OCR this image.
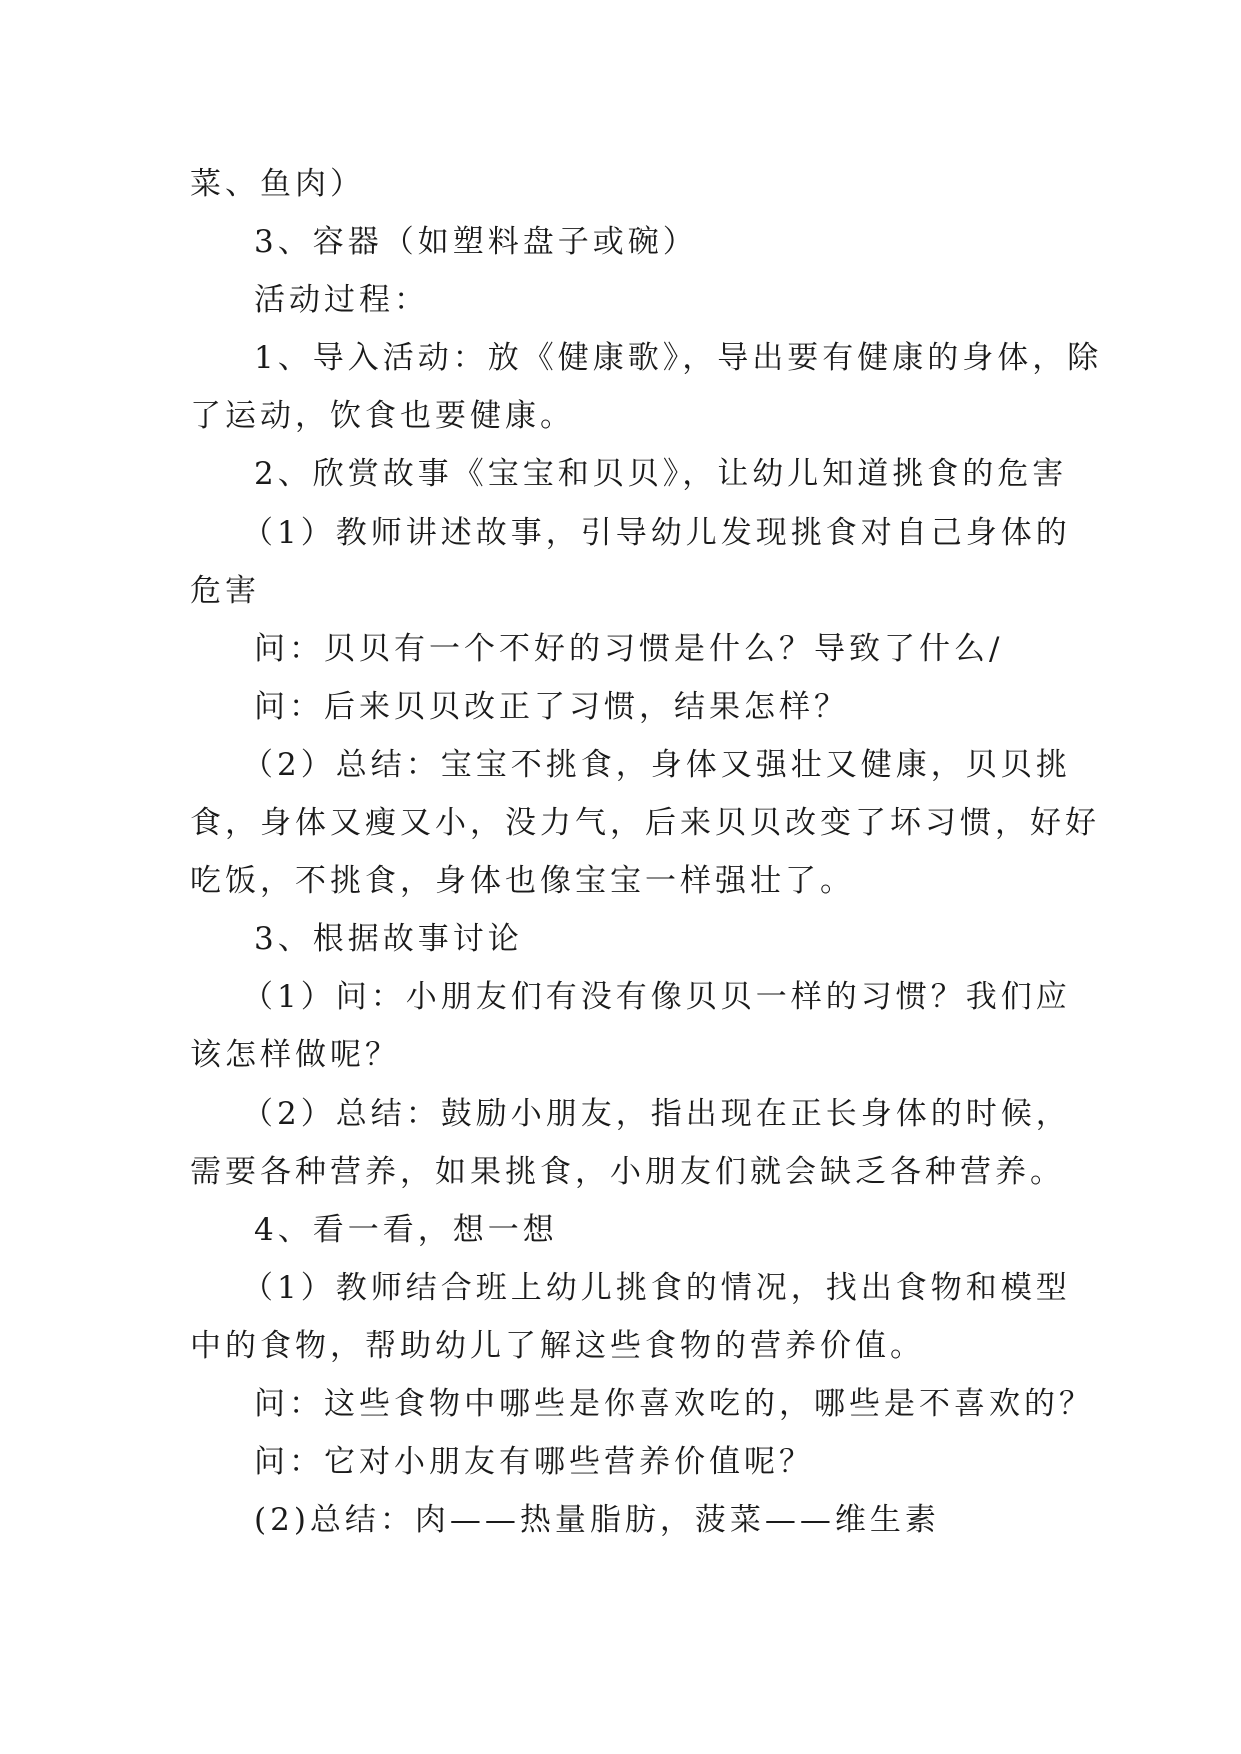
菜、鱼肉）

3、容器（如塑料盘子或碗）

活动过程：

1、导入活动：放《健康歌》，导出要有健康的身体，除

了运动，饮食也要健康。

2、欣赏故事《宝宝和贝贝》，让幼儿知道挑食的危害

（1）教师讲述故事，引导幼儿发现挑食对自己身体的

危害

问：贝贝有一个不好的习惯是什么？导致了什么/

问：后来贝贝改正了习惯，结果怎样？

（2）总结：宝宝不挑食，身体又强壮又健康，贝贝挑

食，身体又瘦又小，没力气，后来贝贝改变了坏习惯，好好

吃饭，不挑食，身体也像宝宝一样强壮了。

3、根据故事讨论

（1）问：小朋友们有没有像贝贝一样的习惯？我们应

该怎样做呢？

（2）总结：鼓励小朋友，指出现在正长身体的时候，

需要各种营养，如果挑食，小朋友们就会缺乏各种营养。

4、看一看，想一想

（1）教师结合班上幼儿挑食的情况，找出食物和模型

中的食物，帮助幼儿了解这些食物的营养价值。

问：这些食物中哪些是你喜欢吃的，哪些是不喜欢的？

问：它对小朋友有哪些营养价值呢？

(2)总结：肉——热量脂肪，菠菜——维生素
